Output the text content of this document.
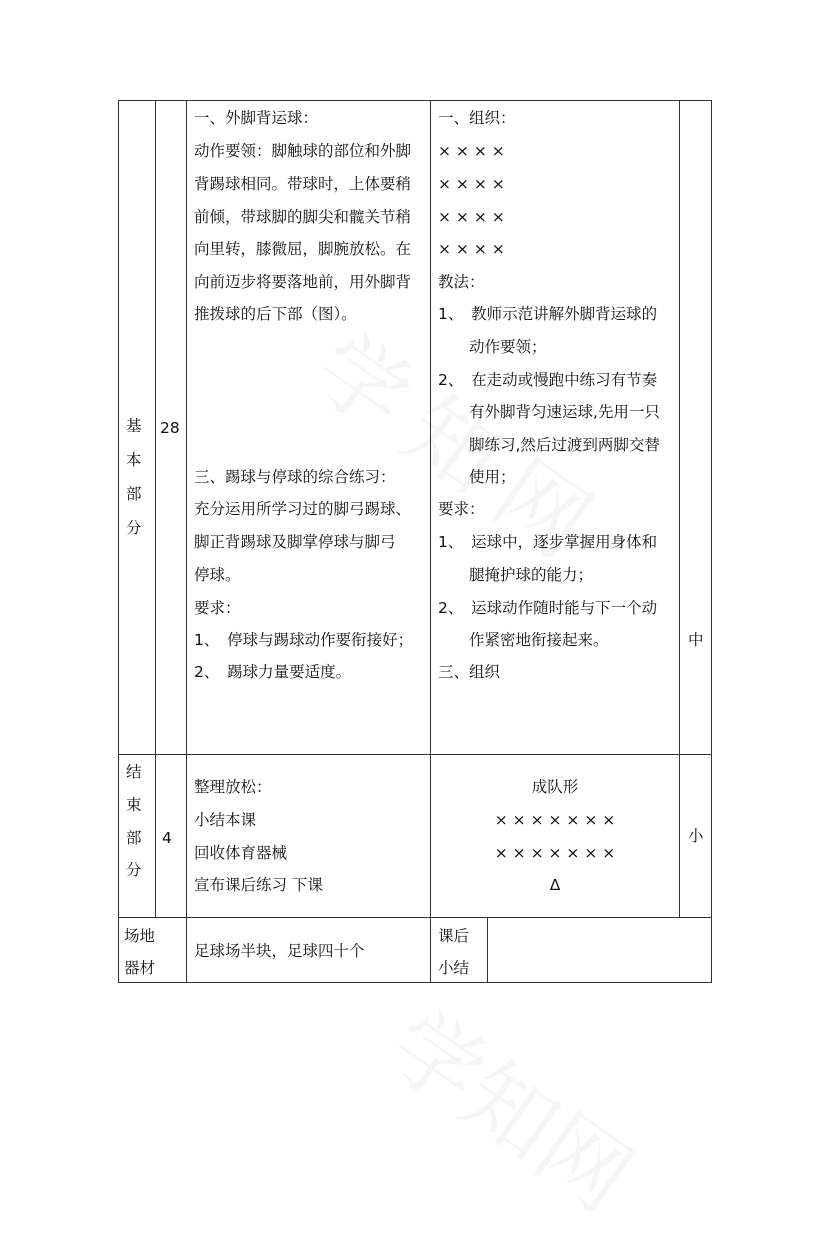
基
本
部
分
28
一、外脚背运球：
动作要领：脚触球的部位和外脚
背踢球相同。带球时，上体要稍
前倾，带球脚的脚尖和髋关节稍
向里转，膝微屈，脚腕放松。在
向前迈步将要落地前，用外脚背
推拨球的后下部（图）。
三、踢球与停球的综合练习：
充分运用所学习过的脚弓踢球、
脚正背踢球及脚掌停球与脚弓
停球。
要求：
1、　停球与踢球动作要衔接好；
2、　踢球力量要适度。
一、组织：
× × × ×
× × × ×
× × × ×
× × × ×
教法：
1、　教师示范讲解外脚背运球的
　　动作要领；
2、　在走动或慢跑中练习有节奏
　　有外脚背匀速运球,先用一只
　　脚练习,然后过渡到两脚交替
　　使用；
要求：
1、　运球中，逐步掌握用身体和
　　腿掩护球的能力；
2、　运球动作随时能与下一个动
　　作紧密地衔接起来。
三、组织
中
结
束
部
分
4
整理放松：
小结本课
回收体育器械
宣布课后练习 下课
成队形
× × × × × × ×
× × × × × × ×
Δ
小
场地
器材
足球场半块，足球四十个
课后
小结
